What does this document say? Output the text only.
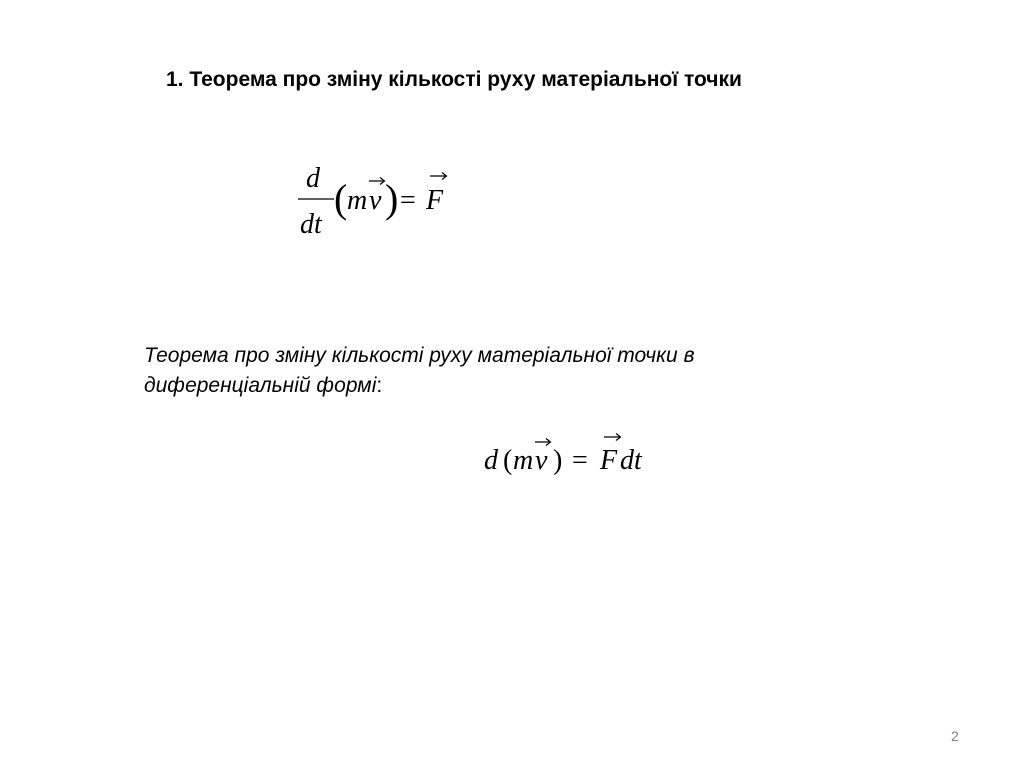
1. Теорема про зміну кількості руху матеріальної точки
d
dt
( m v ) = F
Теорема про зміну кількості руху матеріальної точки в
диференціальній формі:
d ( m v ) = F dt
2
